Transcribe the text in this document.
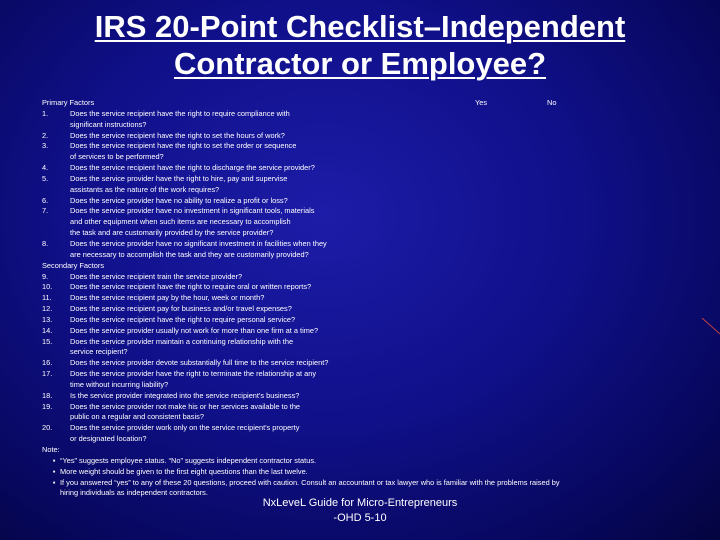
IRS 20-Point Checklist–Independent
Contractor or Employee?
Yes	No
Primary Factors
1.	Does the service recipient have the right to require compliance with
significant instructions?
2.	Does the service recipient have the right to set the hours of work?
3.	Does the service recipient have the right to set the order or sequence
of services to be performed?
4.	Does the service recipient have the right to discharge the service provider?
5.	Does the service provider have the right to hire, pay and supervise
assistants as the nature of the work requires?
6.	Does the service provider have no ability to realize a profit or loss?
7.	Does the service provider have no investment in significant tools, materials
and other equipment when such items are necessary to accomplish
the task and are customarily provided by the service provider?
8.	Does the service provider have no significant investment in facilities when they
are necessary to accomplish the task and they are customarily provided?
Secondary Factors
9.	Does the service recipient train the service provider?
10. Does the service recipient have the right to require oral or written reports?
11. Does the service recipient pay by the hour, week or month?
12. Does the service recipient pay for business and/or travel expenses?
13. Does the service recipient have the right to require personal service?
14. Does the service provider usually not work for more than one firm at a time?
15. Does the service provider maintain a continuing relationship with the
service recipient?
16. Does the service provider devote substantially full time to the service recipient?
17. Does the service provider have the right to terminate the relationship at any
time without incurring liability?
18. Is the service provider integrated into the service recipient's business?
19. Does the service provider not make his or her services available to the
public on a regular and consistent basis?
20. Does the service provider work only on the service recipient's property
or designated location?
Note:
▪ “Yes” suggests employee status. “No” suggests independent contractor status.
▪ More weight should be given to the first eight questions than the last twelve.
▪ If you answered “yes” to any of these 20 questions, proceed with caution. Consult an accountant or tax lawyer who is familiar with the problems raised by
hiring individuals as independent contractors.
NxLeveL Guide for Micro-Entrepreneurs
-OHD 5-10
